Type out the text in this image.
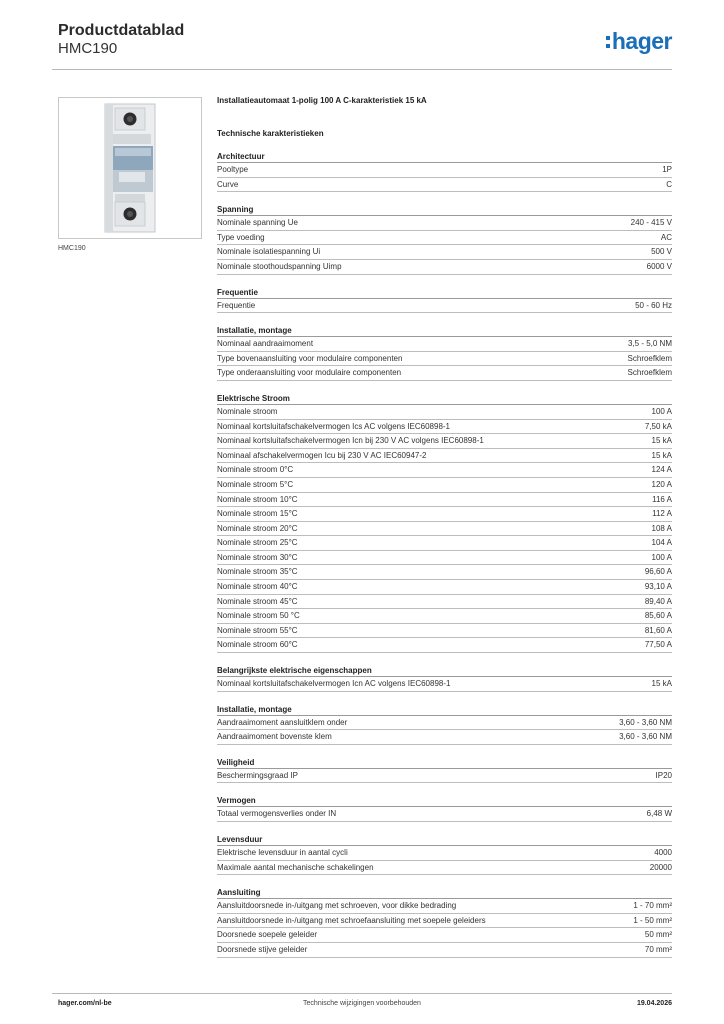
Productdatablad
HMC190	hager
HMC190
Installatieautomaat 1-polig 100 A C-karakteristiek 15 kA
Technische karakteristieken
Architectuur
Pooltype	1P
Curve	C
Spanning
Nominale spanning Ue	240 - 415 V
Type voeding	AC
Nominale isolatiespanning Ui	500 V
Nominale stoothoudspanning Uimp	6000 V
Frequentie
Frequentie	50 - 60 Hz
Installatie, montage
Nominaal aandraaimoment	3,5 - 5,0 NM
Type bovenaansluiting voor modulaire componenten	Schroefklem
Type onderaansluiting voor modulaire componenten	Schroefklem
Elektrische Stroom
Nominale stroom	100 A
Nominaal kortsluitafschakelvermogen Ics AC volgens IEC60898-1	7,50 kA
Nominaal kortsluitafschakelvermogen Icn bij 230 V AC volgens IEC60898-1	15 kA
Nominaal afschakelvermogen Icu bij 230 V AC IEC60947-2	15 kA
Nominale stroom 0°C	124 A
Nominale stroom 5°C	120 A
Nominale stroom 10°C	116 A
Nominale stroom 15°C	112 A
Nominale stroom 20°C	108 A
Nominale stroom 25°C	104 A
Nominale stroom 30°C	100 A
Nominale stroom 35°C	96,60 A
Nominale stroom 40°C	93,10 A
Nominale stroom 45°C	89,40 A
Nominale stroom 50 °C	85,60 A
Nominale stroom 55°C	81,60 A
Nominale stroom 60°C	77,50 A
Belangrijkste elektrische eigenschappen
Nominaal kortsluitafschakelvermogen Icn AC volgens IEC60898-1	15 kA
Installatie, montage
Aandraaimoment aansluitklem onder	3,60 - 3,60 NM
Aandraaimoment bovenste klem	3,60 - 3,60 NM
Veiligheid
Beschermingsgraad IP	IP20
Vermogen
Totaal vermogensverlies onder IN	6,48 W
Levensduur
Elektrische levensduur in aantal cycli	4000
Maximale aantal mechanische schakelingen	20000
Aansluiting
Aansluitdoorsnede in-/uitgang met schroeven, voor dikke bedrading	1 - 70 mm²
Aansluitdoorsnede in-/uitgang met schroefaansluiting met soepele geleiders	1 - 50 mm²
Doorsnede soepele geleider	50 mm²
Doorsnede stijve geleider	70 mm²
hager.com/nl-be	Technische wijzigingen voorbehouden	19.04.2026
